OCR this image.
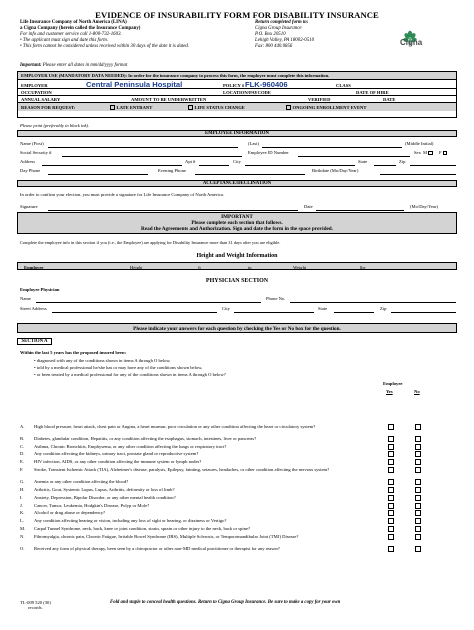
EVIDENCE OF INSURABILITY FORM FOR DISABILITY INSURANCE
Life Insurance Company of North America (LINA)
a Cigna Company (herein called the Insurance Company)
For info and customer service call 1-800-732-1603.
• The applicant must sign and date this form.
• This form cannot be considered unless received within 30 days of the date it is dated.
Return completed form to:
Cigna Group Insurance
P.O. Box 20510
Lehigh Valley, PA 18002-0510
Fax: 800 440.0856	Cigna
Important: Please enter all dates in mm/dd/yyyy format
EMPLOYER USE (MANDATORY DATA NEEDED): In order for the insurance company to process this form, the employer must complete this information.
EMPLOYER	Central Peninsula Hospital	POLICY # FLK-960406	CLASS
OCCUPATION	LOCATION/PAYCODE	DATE OF HIRE
ANNUAL SALARY	AMOUNT TO BE UNDERWRITTEN	VERIFIED	DATE
REASON FOR REQUEST:	LATE ENTRANT	LIFE STATUS CHANGE	ONGOING ENROLLMENT EVENT
Please print (preferably in black ink).
EMPLOYEE INFORMATION
Name (First)	(Last)	(Middle Initial)
Social Security #	Employee ID Number	Sex M	F
Address	Apt #	City	State	Zip
Day Phone	Evening Phone	Birthdate (Mo/Day/Year)
ACCEPTANCE/DECLINATION
In order to confirm your election, you must provide a signature for Life Insurance Company of North America.
Signature	Date	(Mo/Day/Year)
IMPORTANT
Please complete each section that follows.
Read the Agreements and Authorization. Sign and date the form in the space provided.
Complete the employee info in this section if you (i.e., the Employee) are applying for Disability Insurance more than 31 days after you are eligible.
Height and Weight Information
Employee	Height	ft	in	Weight	lbs
PHYSICIAN SECTION
Employee Physician
Name	Phone No.
Street Address	City	State	Zip
Please indicate your answers for each question by checking the Yes or No box for the question.
SECTION A
Within the last 5 years has the proposed insured been:
• diagnosed with any of the conditions shown in items A through O below,
• told by a medical professional he/she has or may have any of the conditions shown below,
• or been treated by a medical professional for any of the conditions shown in items A through O below?
Employee
Yes	No
A. High blood pressure, heart attack, chest pain or Angina, a heart murmur, poor circulation or any other condition affecting the heart or circulatory system?
B. Diabetes, glandular condition, Hepatitis, or any condition affecting the esophagus, stomach, intestines, liver or pancreas?
C. Asthma, Chronic Bronchitis, Emphysema, or any other condition affecting the lungs or respiratory tract?
D. Any condition affecting the kidneys, urinary tract, prostate gland or reproductive system?
E. HIV infection, AIDS, or any other condition affecting the immune system or lymph nodes?
F. Stroke, Transient Ischemic Attack (TIA), Alzheimer's disease, paralysis, Epilepsy, fainting, seizures, headaches, or other condition affecting the nervous system?
G. Anemia or any other condition affecting the blood?
H. Arthritis, Gout, Systemic Lupus, Lupus, Arthritis, deformity or loss of limb?
I. Anxiety, Depression, Bipolar Disorder, or any other mental health condition?
J. Cancer, Tumor, Leukemia, Hodgkin's Disease, Polyp or Mole?
K. Alcohol or drug abuse or dependency?
L. Any condition affecting hearing or vision, including any loss of sight or hearing, or dizziness or Vertigo?
M. Carpal Tunnel Syndrome, neck, back, knee or joint condition, strain, sprain or other injury to the neck, back or spine?
N. Fibromyalgia, chronic pain, Chronic Fatigue, Irritable Bowel Syndrome (IBS), Multiple Sclerosis, or Temporomandibular Joint (TMJ) Disease?
O. Received any form of physical therapy, been seen by a chiropractor or other non-MD medical practitioner or therapist for any reason?
TL-009 520 (30)
records.
Fold and staple to conceal health questions. Return to Cigna Group Insurance. Be sure to make a copy for your own
